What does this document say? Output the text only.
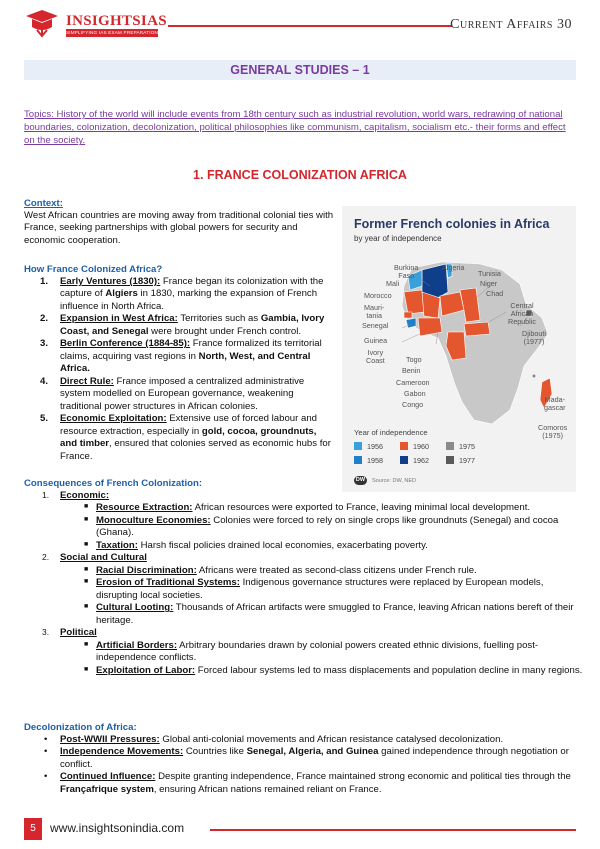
INSIGHTSIAS
SIMPLIFYING IAS EXAM PREPARATION
Current Affairs 30
GENERAL STUDIES – 1
Topics: History of the world will include events from 18th century such as industrial revolution, world wars, redrawing of national boundaries, colonization, decolonization, political philosophies like communism, capitalism, socialism etc.- their forms and effect on the society.
1. FRANCE COLONIZATION AFRICA
Context:
West African countries are moving away from traditional colonial ties with France, seeking partnerships with global powers for security and economic cooperation.
How France Colonized Africa?
1. Early Ventures (1830): France began its colonization with the capture of Algiers in 1830, marking the expansion of French influence in North Africa.
2. Expansion in West Africa: Territories such as Gambia, Ivory Coast, and Senegal were brought under French control.
3. Berlin Conference (1884-85): France formalized its territorial claims, acquiring vast regions in North, West, and Central Africa.
4. Direct Rule: France imposed a centralized administrative system modelled on European governance, weakening traditional power structures in African colonies.
5. Economic Exploitation: Extensive use of forced labour and resource extraction, especially in gold, cocoa, groundnuts, and timber, ensured that colonies served as economic hubs for France.
Former French colonies in Africa
by year of independence
Burkina
Faso
Algeria
Tunisia
Mali	Niger
Morocco	Chad
Mauri-
tania
Central
African
Republic
Senegal
Djibouti
(1977)
Guinea
Ivory
Coast	Togo
Benin
Cameroon
Gabon
Congo
Mada-
gascar
Comoros
(1975)
Year of independence
1956	1960	1975
1958	1962	1977
DW	Source: DW, NED
Consequences of French Colonization:
1. Economic:
■ Resource Extraction: African resources were exported to France, leaving minimal local development.
■ Monoculture Economies: Colonies were forced to rely on single crops like groundnuts (Senegal) and cocoa (Ghana).
■ Taxation: Harsh fiscal policies drained local economies, exacerbating poverty.
2. Social and Cultural
■ Racial Discrimination: Africans were treated as second-class citizens under French rule.
■ Erosion of Traditional Systems: Indigenous governance structures were replaced by European models, disrupting local societies.
■ Cultural Looting: Thousands of African artifacts were smuggled to France, leaving African nations bereft of their heritage.
3. Political
■ Artificial Borders: Arbitrary boundaries drawn by colonial powers created ethnic divisions, fuelling post-independence conflicts.
■ Exploitation of Labor: Forced labour systems led to mass displacements and population decline in many regions.
Decolonization of Africa:
• Post-WWII Pressures: Global anti-colonial movements and African resistance catalysed decolonization.
• Independence Movements: Countries like Senegal, Algeria, and Guinea gained independence through negotiation or conflict.
• Continued Influence: Despite granting independence, France maintained strong economic and political ties through the Françafrique system, ensuring African nations remained reliant on France.
5	www.insightsonindia.com
